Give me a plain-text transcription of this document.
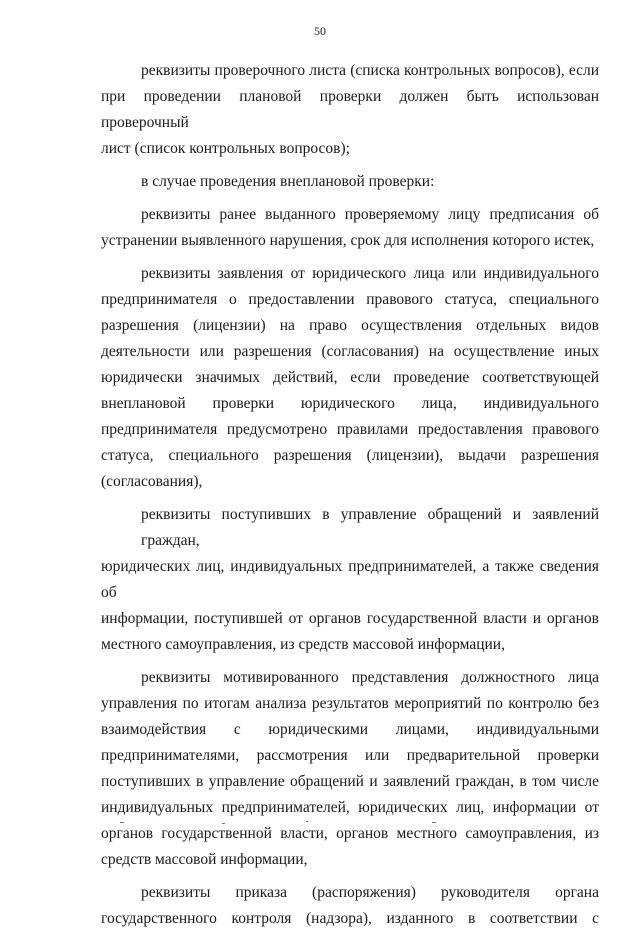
50

реквизиты проверочного листа (списка контрольных вопросов), если
при проведении плановой проверки должен быть использован проверочный
лист (список контрольных вопросов);

в случае проведения внеплановой проверки:

реквизиты ранее выданного проверяемому лицу предписания об
устранении выявленного нарушения, срок для исполнения которого истек,

реквизиты заявления от юридического лица или индивидуального
предпринимателя о предоставлении правового статуса, специального
разрешения (лицензии) на право осуществления отдельных видов
деятельности или разрешения (согласования) на осуществление иных
юридически значимых действий, если проведение соответствующей
внеплановой проверки юридического лица, индивидуального
предпринимателя предусмотрено правилами предоставления правового
статуса, специального разрешения (лицензии), выдачи разрешения
(согласования),

реквизиты поступивших в управление обращений и заявлений граждан,
юридических лиц, индивидуальных предпринимателей, а также сведения об
информации, поступившей от органов государственной власти и органов
местного самоуправления, из средств массовой информации,

реквизиты мотивированного представления должностного лица
управления по итогам анализа результатов мероприятий по контролю без
взаимодействия с юридическими лицами, индивидуальными
предпринимателями, рассмотрения или предварительной проверки
поступивших в управление обращений и заявлений граждан, в том числе
индивидуальных предпринимателей, юридических лиц, информации от
органов государственной власти, органов местного самоуправления, из
средств массовой информации,

реквизиты приказа (распоряжения) руководителя органа
государственного контроля (надзора), изданного в соответствии с
